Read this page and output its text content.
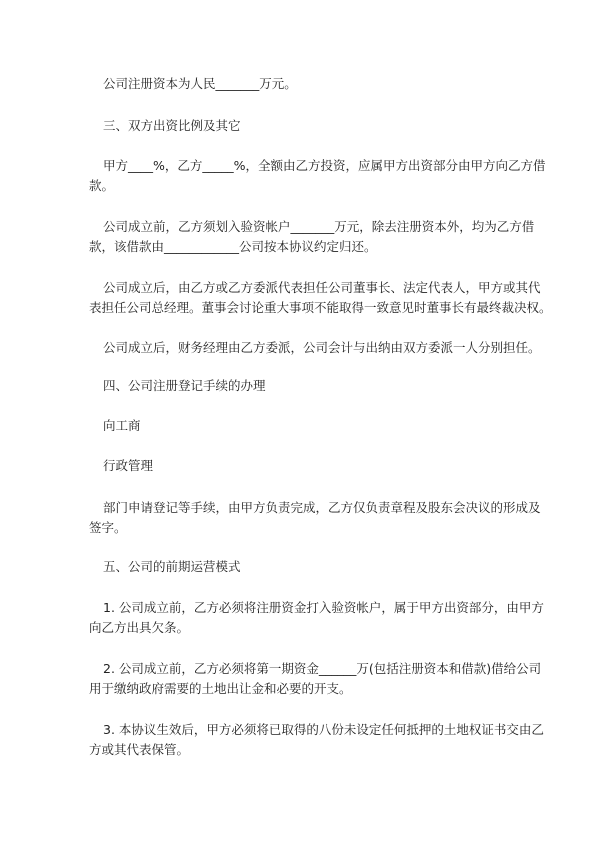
公司注册资本为人民_______万元。
三、双方出资比例及其它
甲方____%，乙方_____%，全额由乙方投资，应属甲方出资部分由甲方向乙方借
款。
公司成立前，乙方须划入验资帐户_______万元，除去注册资本外，均为乙方借
款，该借款由____________公司按本协议约定归还。
公司成立后，由乙方或乙方委派代表担任公司董事长、法定代表人，甲方或其代
表担任公司总经理。董事会讨论重大事项不能取得一致意见时董事长有最终裁决权。
公司成立后，财务经理由乙方委派，公司会计与出纳由双方委派一人分别担任。
四、公司注册登记手续的办理
向工商
行政管理
部门申请登记等手续，由甲方负责完成，乙方仅负责章程及股东会决议的形成及
签字。
五、公司的前期运营模式
1. 公司成立前，乙方必须将注册资金打入验资帐户，属于甲方出资部分，由甲方
向乙方出具欠条。
2. 公司成立前，乙方必须将第一期资金______万(包括注册资本和借款)借给公司
用于缴纳政府需要的土地出让金和必要的开支。
3. 本协议生效后，甲方必须将已取得的八份未设定任何抵押的土地权证书交由乙
方或其代表保管。
